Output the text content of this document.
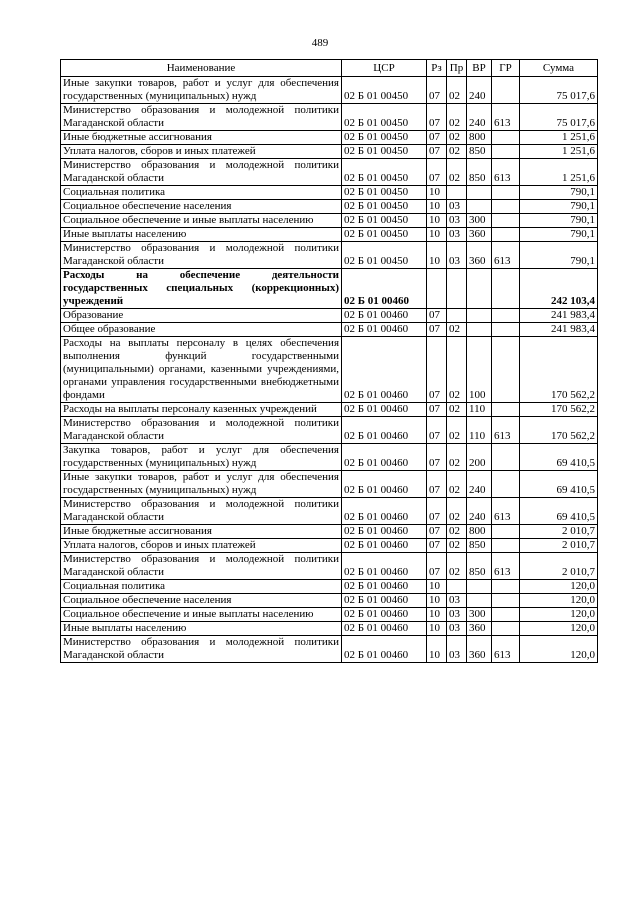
489
Наименование	ЦСР	Рз	Пр	ВР	ГР	Сумма
Иные закупки товаров, работ и услуг для обеспечения государственных (муниципальных) нужд	02 Б 01 00450	07	02	240		75 017,6
Министерство образования и молодежной политики Магаданской области	02 Б 01 00450	07	02	240	613	75 017,6
Иные бюджетные ассигнования	02 Б 01 00450	07	02	800		1 251,6
Уплата налогов, сборов и иных платежей	02 Б 01 00450	07	02	850		1 251,6
Министерство образования и молодежной политики Магаданской области	02 Б 01 00450	07	02	850	613	1 251,6
Социальная политика	02 Б 01 00450	10				790,1
Социальное обеспечение населения	02 Б 01 00450	10	03			790,1
Социальное обеспечение и иные выплаты населению	02 Б 01 00450	10	03	300		790,1
Иные выплаты населению	02 Б 01 00450	10	03	360		790,1
Министерство образования и молодежной политики Магаданской области	02 Б 01 00450	10	03	360	613	790,1
Расходы на обеспечение деятельности государственных специальных (коррекционных) учреждений	02 Б 01 00460					242 103,4
Образование	02 Б 01 00460	07				241 983,4
Общее образование	02 Б 01 00460	07	02			241 983,4
Расходы на выплаты персоналу в целях обеспечения выполнения функций государственными (муниципальными) органами, казенными учреждениями, органами управления государственными внебюджетными фондами	02 Б 01 00460	07	02	100		170 562,2
Расходы на выплаты персоналу казенных учреждений	02 Б 01 00460	07	02	110		170 562,2
Министерство образования и молодежной политики Магаданской области	02 Б 01 00460	07	02	110	613	170 562,2
Закупка товаров, работ и услуг для обеспечения государственных (муниципальных) нужд	02 Б 01 00460	07	02	200		69 410,5
Иные закупки товаров, работ и услуг для обеспечения государственных (муниципальных) нужд	02 Б 01 00460	07	02	240		69 410,5
Министерство образования и молодежной политики Магаданской области	02 Б 01 00460	07	02	240	613	69 410,5
Иные бюджетные ассигнования	02 Б 01 00460	07	02	800		2 010,7
Уплата налогов, сборов и иных платежей	02 Б 01 00460	07	02	850		2 010,7
Министерство образования и молодежной политики Магаданской области	02 Б 01 00460	07	02	850	613	2 010,7
Социальная политика	02 Б 01 00460	10				120,0
Социальное обеспечение населения	02 Б 01 00460	10	03			120,0
Социальное обеспечение и иные выплаты населению	02 Б 01 00460	10	03	300		120,0
Иные выплаты населению	02 Б 01 00460	10	03	360		120,0
Министерство образования и молодежной политики Магаданской области	02 Б 01 00460	10	03	360	613	120,0
